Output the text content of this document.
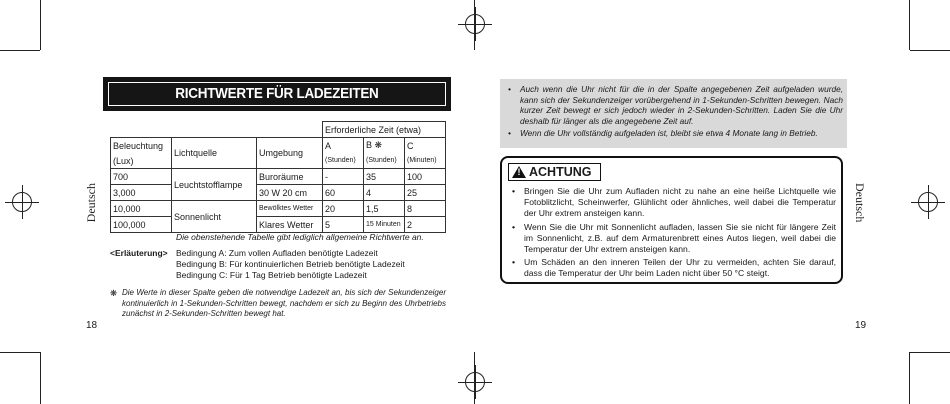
RICHTWERTE FÜR LADEZEITEN
Deutsch
			Erforderliche Zeit (etwa)		
Beleuchtung	Lichtquelle	Umgebung	A	B ❋	C
(Lux)			(Stunden)	(Stunden)	(Minuten)
700	Leuchtstofflampe	Buroräume	-	35	100
3,000		30 W 20 cm	60	4	25
10,000	Sonnenlicht	Bewölktes Wetter	20	1,5	8
100,000		Klares Wetter	5	15 Minuten	2
Die obenstehende Tabelle gibt lediglich allgemeine Richtwerte an.
<Erläuterung> Bedingung A: Zum vollen Aufladen benötigte Ladezeit
Bedingung B: Für kontinuierlichen Betrieb benötigte Ladezeit
Bedingung C: Für 1 Tag Betrieb benötigte Ladezeit
❋ Die Werte in dieser Spalte geben die notwendige Ladezeit an, bis sich der Sekundenzeiger kontinuierlich in 1-Sekunden-Schritten bewegt, nachdem er sich zu Beginn des Uhrbetriebs zunächst in 2-Sekunden-Schritten bewegt hat.
18
• Auch wenn die Uhr nicht für die in der Spalte angegebenen Zeit aufgeladen wurde, kann sich der Sekundenzeiger vorübergehend in 1-Sekunden-Schritten bewegen. Nach kurzer Zeit bewegt er sich jedoch wieder in 2-Sekunden-Schritten. Laden Sie die Uhr deshalb für länger als die angegebene Zeit auf.
• Wenn die Uhr vollständig aufgeladen ist, bleibt sie etwa 4 Monate lang in Betrieb.
!
ACHTUNG
• Bringen Sie die Uhr zum Aufladen nicht zu nahe an eine heiße Lichtquelle wie Fotoblitzlicht, Scheinwerfer, Glühlicht oder ähnliches, weil dabei die Temperatur der Uhr extrem ansteigen kann.
• Wenn Sie die Uhr mit Sonnenlicht aufladen, lassen Sie sie nicht für längere Zeit im Sonnenlicht, z.B. auf dem Armaturenbrett eines Autos liegen, weil dabei die Temperatur der Uhr extrem ansteigen kann.
• Um Schäden an den inneren Teilen der Uhr zu vermeiden, achten Sie darauf, dass die Temperatur der Uhr beim Laden nicht über 50 °C steigt.
Deutsch
19
